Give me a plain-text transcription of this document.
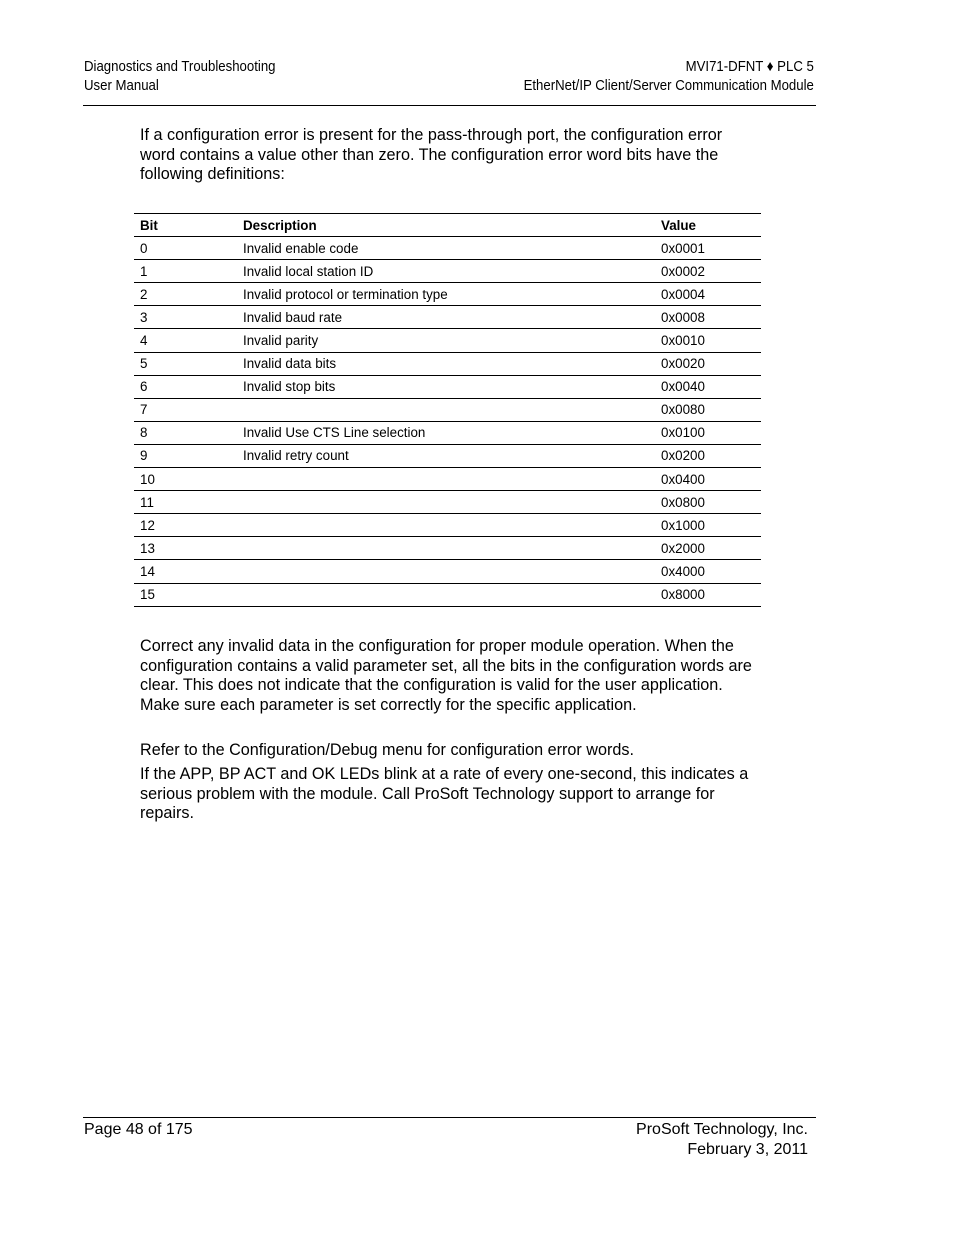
Diagnostics and Troubleshooting
User Manual
MVI71-DFNT ♦ PLC 5
EtherNet/IP Client/Server Communication Module

If a configuration error is present for the pass-through port, the configuration error word contains a value other than zero. The configuration error word bits have the following definitions:

Bit	Description	Value
0	Invalid enable code	0x0001
1	Invalid local station ID	0x0002
2	Invalid protocol or termination type	0x0004
3	Invalid baud rate	0x0008
4	Invalid parity	0x0010
5	Invalid data bits	0x0020
6	Invalid stop bits	0x0040
7		0x0080
8	Invalid Use CTS Line selection	0x0100
9	Invalid retry count	0x0200
10		0x0400
11		0x0800
12		0x1000
13		0x2000
14		0x4000
15		0x8000

Correct any invalid data in the configuration for proper module operation. When the configuration contains a valid parameter set, all the bits in the configuration words are clear. This does not indicate that the configuration is valid for the user application. Make sure each parameter is set correctly for the specific application.

Refer to the Configuration/Debug menu for configuration error words.

If the APP, BP ACT and OK LEDs blink at a rate of every one-second, this indicates a serious problem with the module. Call ProSoft Technology support to arrange for repairs.

Page 48 of 175	ProSoft Technology, Inc.
February 3, 2011
